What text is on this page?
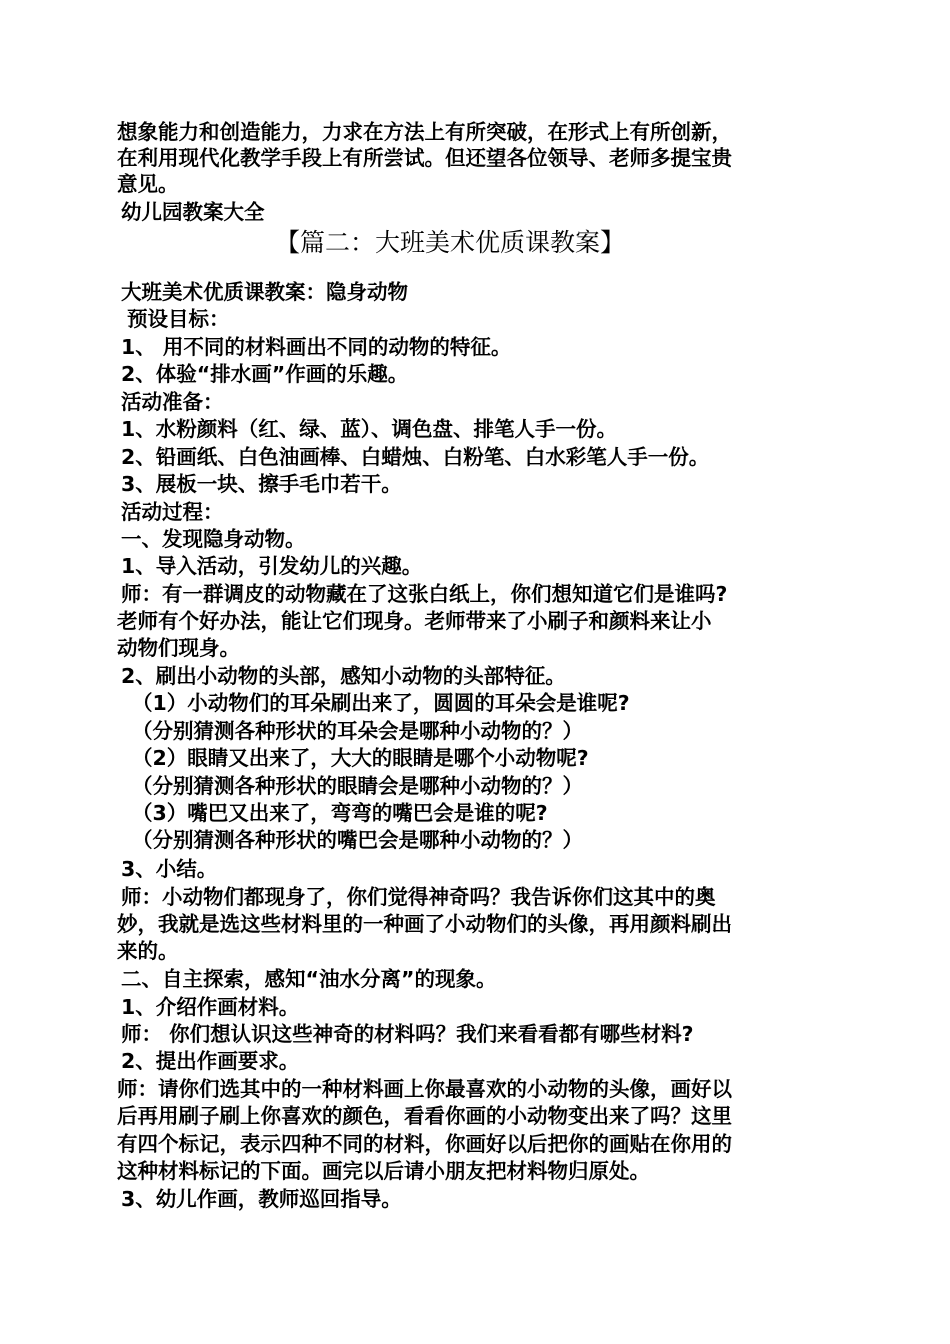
想象能力和创造能力，力求在方法上有所突破，在形式上有所创新，

在利用现代化教学手段上有所尝试。但还望各位领导、老师多提宝贵

意见。

幼儿园教案大全

【篇二：大班美术优质课教案】

大班美术优质课教案：隐身动物

预设目标：

1、 用不同的材料画出不同的动物的特征。

2、体验“排水画”作画的乐趣。

活动准备：

1、水粉颜料（红、绿、蓝）、调色盘、排笔人手一份。

2、铅画纸、白色油画棒、白蜡烛、白粉笔、白水彩笔人手一份。

3、展板一块、擦手毛巾若干。

活动过程：

一、发现隐身动物。

1、导入活动，引发幼儿的兴趣。

师：有一群调皮的动物藏在了这张白纸上，你们想知道它们是谁吗?

老师有个好办法，能让它们现身。老师带来了小刷子和颜料来让小

动物们现身。

2、刷出小动物的头部，感知小动物的头部特征。

（1）小动物们的耳朵刷出来了，圆圆的耳朵会是谁呢?

（分别猜测各种形状的耳朵会是哪种小动物的？）

（2）眼睛又出来了，大大的眼睛是哪个小动物呢?

（分别猜测各种形状的眼睛会是哪种小动物的？）

（3）嘴巴又出来了，弯弯的嘴巴会是谁的呢?

（分别猜测各种形状的嘴巴会是哪种小动物的？）

3、小结。

师：小动物们都现身了，你们觉得神奇吗？我告诉你们这其中的奥

妙，我就是选这些材料里的一种画了小动物们的头像，再用颜料刷出

来的。

二、自主探索，感知“油水分离”的现象。

1、介绍作画材料。

师： 你们想认识这些神奇的材料吗？我们来看看都有哪些材料?

2、提出作画要求。

师：请你们选其中的一种材料画上你最喜欢的小动物的头像，画好以

后再用刷子刷上你喜欢的颜色，看看你画的小动物变出来了吗？这里

有四个标记，表示四种不同的材料，你画好以后把你的画贴在你用的

这种材料标记的下面。画完以后请小朋友把材料物归原处。

3、幼儿作画，教师巡回指导。
